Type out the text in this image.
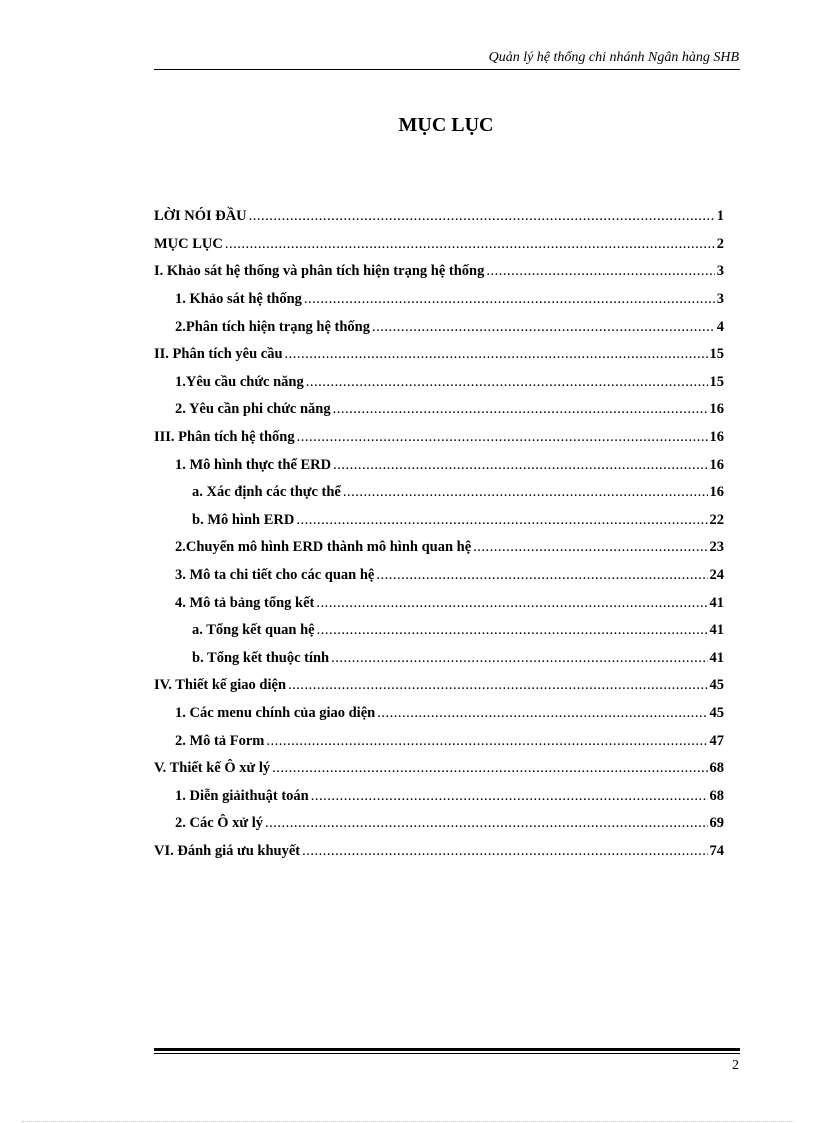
Quản lý hệ thống chi nhánh Ngân hàng SHB
MỤC LỤC
LỜI NÓI ĐẦU .....	1
MỤC LỤC .....	2
I. Khảo sát hệ thống và phân tích hiện trạng hệ thống .....	3
1. Khảo sát hệ thống .....	3
2.Phân tích hiện trạng hệ thống .....	4
II. Phân tích yêu cầu .....	15
1.Yêu cầu chức năng .....	15
2. Yêu cần phi chức năng .....	16
III. Phân tích hệ thống .....	16
1. Mô hình thực thể ERD .....	16
a. Xác định các thực thể .....	16
b. Mô hình ERD .....	22
2.Chuyển mô hình ERD thành mô hình quan hệ .....	23
3. Mô ta chi tiết cho các quan hệ .....	24
4. Mô tả bảng tổng kết .....	41
a. Tổng kết quan hệ .....	41
b. Tổng kết thuộc tính .....	41
IV. Thiết kế giao diện .....	45
1. Các menu chính của giao diện .....	45
2. Mô tả Form .....	47
V. Thiết kế Ô xử lý .....	68
1. Diễn giảithuật toán .....	68
2. Các Ô xử lý .....	69
VI. Đánh giá ưu khuyết .....	74
2
